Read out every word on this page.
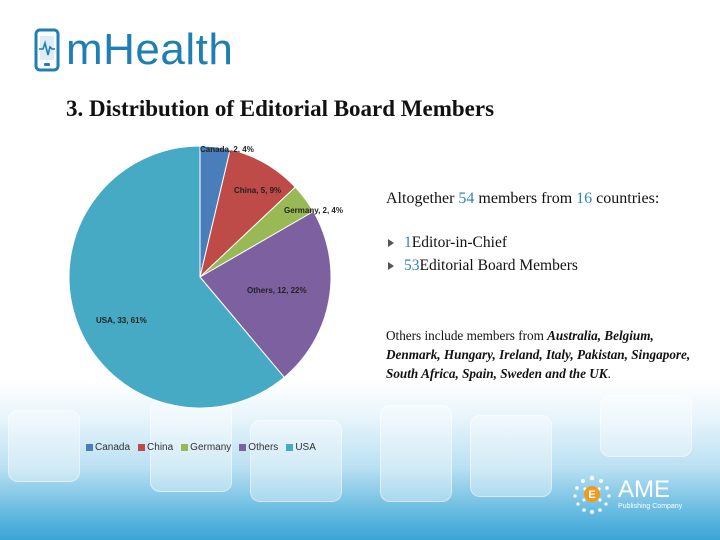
mHealth
3. Distribution of Editorial Board Members
Canada, 2, 4%
China, 5, 9%
Germany, 2, 4%
Others, 12, 22%
USA, 33, 61%
Canada China Germany Others USA
Altogether 54 members from 16 countries:
1 Editor-in-Chief
53 Editorial Board Members
Others include members from Australia, Belgium, Denmark, Hungary, Ireland, Italy, Pakistan, Singapore, South Africa, Spain, Sweden and the UK.
E AME
Publishing Company
